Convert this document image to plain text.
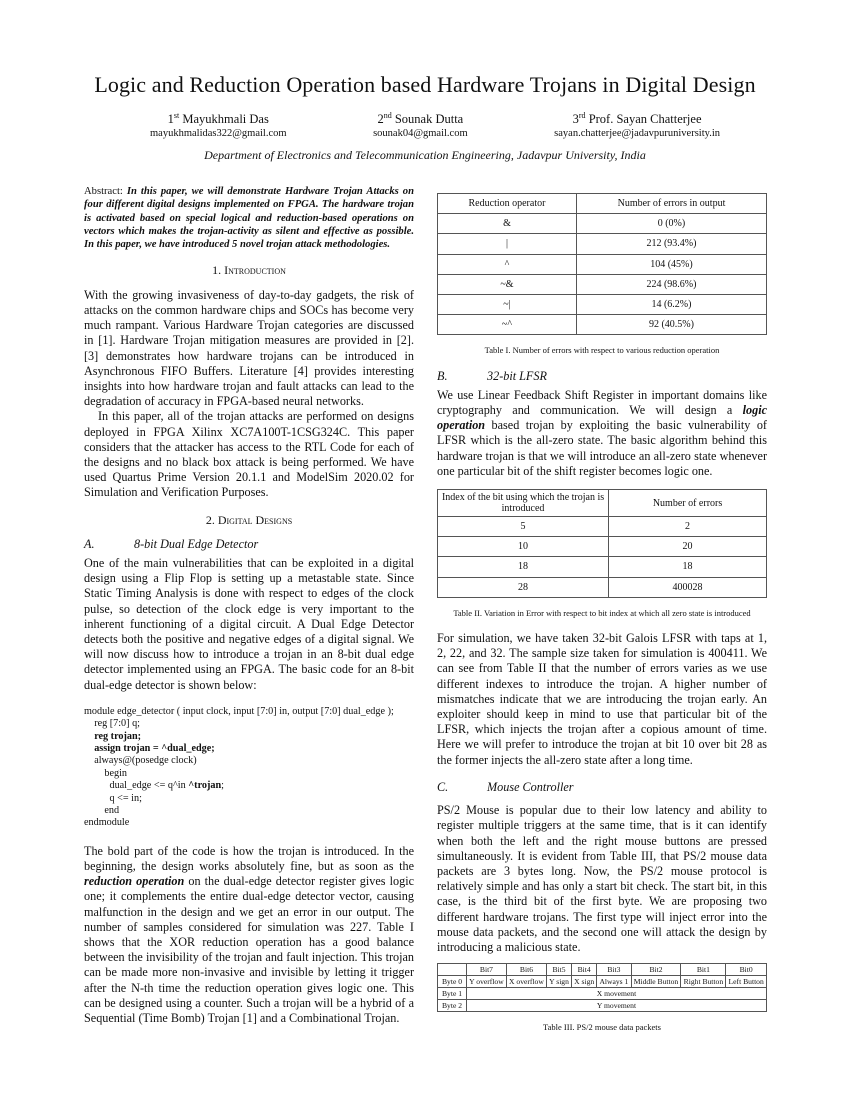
Logic and Reduction Operation based Hardware Trojans in Digital Design
1st Mayukhmali Das
mayukhmalidas322@gmail.com
2nd Sounak Dutta
sounak04@gmail.com
3rd Prof. Sayan Chatterjee
sayan.chatterjee@jadavpuruniversity.in
Department of Electronics and Telecommunication Engineering, Jadavpur University, India

Abstract: In this paper, we will demonstrate Hardware Trojan Attacks on four different digital designs implemented on FPGA. The hardware trojan is activated based on special logical and reduction-based operations on vectors which makes the trojan-activity as silent and effective as possible. In this paper, we have introduced 5 novel trojan attack methodologies.

1. Introduction

With the growing invasiveness of day-to-day gadgets, the risk of attacks on the common hardware chips and SOCs has become very much rampant. Various Hardware Trojan categories are discussed in [1]. Hardware Trojan mitigation measures are provided in [2]. [3] demonstrates how hardware trojans can be introduced in Asynchronous FIFO Buffers. Literature [4] provides interesting insights into how hardware trojan and fault attacks can lead to the degradation of accuracy in FPGA-based neural networks.

In this paper, all of the trojan attacks are performed on designs deployed in FPGA Xilinx XC7A100T-1CSG324C. This paper considers that the attacker has access to the RTL Code for each of the designs and no black box attack is being performed. We have used Quartus Prime Version 20.1.1 and ModelSim 2020.02 for Simulation and Verification Purposes.

2. Digital Designs
A.	8-bit Dual Edge Detector

One of the main vulnerabilities that can be exploited in a digital design using a Flip Flop is setting up a metastable state. Since Static Timing Analysis is done with respect to edges of the clock pulse, so detection of the clock edge is very important to the inherent functioning of a digital circuit. A Dual Edge Detector detects both the positive and negative edges of a digital signal. We will now discuss how to introduce a trojan in an 8-bit dual edge detector implemented using an FPGA. The basic code for an 8-bit dual-edge detector is shown below:

module edge_detector ( input clock, input [7:0] in, output [7:0] dual_edge );
reg [7:0] q;
reg trojan;
assign trojan = ^dual_edge;
always@(posedge clock)
begin
dual_edge <= q^in ^trojan;
q <= in;
end
endmodule

The bold part of the code is how the trojan is introduced. In the beginning, the design works absolutely fine, but as soon as the reduction operation on the dual-edge detector register gives logic one; it complements the entire dual-edge detector vector, causing malfunction in the design and we get an error in our output. The number of samples considered for simulation was 227. Table I shows that the XOR reduction operation has a good balance between the invisibility of the trojan and fault injection. This trojan can be made more non-invasive and invisible by letting it trigger after the N-th time the reduction operation gives logic one. This can be designed using a counter. Such a trojan will be a hybrid of a Sequential (Time Bomb) Trojan [1] and a Combinational Trojan.

Reduction operator	Number of errors in output
&	0 (0%)
|	212 (93.4%)
^	104 (45%)
~&	224 (98.6%)
~|	14 (6.2%)
~^	92 (40.5%)
Table I. Number of errors with respect to various reduction operation
B.	32-bit LFSR

We use Linear Feedback Shift Register in important domains like cryptography and communication. We will design a logic operation based trojan by exploiting the basic vulnerability of LFSR which is the all-zero state. The basic algorithm behind this hardware trojan is that we will introduce an all-zero state whenever one particular bit of the shift register becomes logic one.

Index of the bit using which the trojan is introduced	Number of errors
5	2
10	20
18	18
28	400028
Table II. Variation in Error with respect to bit index at which all zero state is introduced

For simulation, we have taken 32-bit Galois LFSR with taps at 1, 2, 22, and 32. The sample size taken for simulation is 400411. We can see from Table II that the number of errors varies as we use different indexes to introduce the trojan. A higher number of mismatches indicate that we are introducing the trojan early. An exploiter should keep in mind to use that particular bit of the LFSR, which injects the trojan after a copious amount of time. Here we will prefer to introduce the trojan at bit 10 over bit 28 as the former injects the all-zero state after a long time.

C.	Mouse Controller

PS/2 Mouse is popular due to their low latency and ability to register multiple triggers at the same time, that is it can identify when both the left and the right mouse buttons are pressed simultaneously. It is evident from Table III, that PS/2 mouse data packets are 3 bytes long. Now, the PS/2 mouse protocol is relatively simple and has only a start bit check. The start bit, in this case, is the third bit of the first byte. We are proposing two different hardware trojans. The first type will inject error into the mouse data packets, and the second one will attack the design by introducing a malicious state.

	Bit7	Bit6	Bit5	Bit4	Bit3	Bit2	Bit1	Bit0
Byte 0	Y overflow	X overflow	Y sign	X sign	Always 1	Middle Button	Right Button	Left Button
Byte 1	X movement							
Byte 2	Y movement							
Table III. PS/2 mouse data packets
